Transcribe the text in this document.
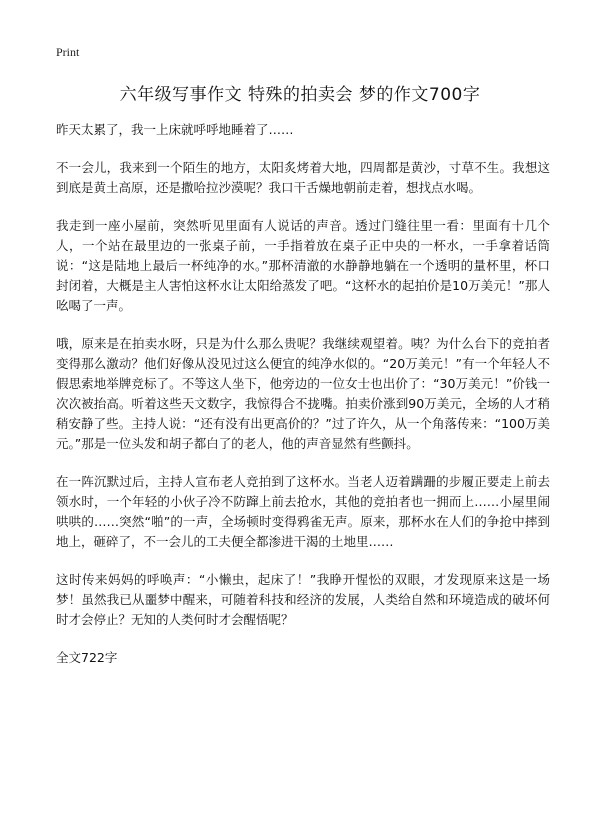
Print
六年级写事作文 特殊的拍卖会 梦的作文700字

昨天太累了，我一上床就呼呼地睡着了……

不一会儿，我来到一个陌生的地方，太阳炙烤着大地，四周都是黄沙，寸草不生。我想这到底是黄土高原，还是撒哈拉沙漠呢？我口干舌燥地朝前走着，想找点水喝。

我走到一座小屋前，突然听见里面有人说话的声音。透过门缝往里一看：里面有十几个人，一个站在最里边的一张桌子前，一手指着放在桌子正中央的一杯水，一手拿着话筒说：“这是陆地上最后一杯纯净的水。”那杯清澈的水静静地躺在一个透明的量杯里，杯口封闭着，大概是主人害怕这杯水让太阳给蒸发了吧。“这杯水的起拍价是10万美元！”那人吆喝了一声。

哦，原来是在拍卖水呀，只是为什么那么贵呢？我继续观望着。咦？为什么台下的竞拍者变得那么激动？他们好像从没见过这么便宜的纯净水似的。“20万美元！”有一个年轻人不假思索地举牌竞标了。不等这人坐下，他旁边的一位女士也出价了：“30万美元！”价钱一次次被抬高。听着这些天文数字，我惊得合不拢嘴。拍卖价涨到90万美元，全场的人才稍稍安静了些。主持人说：“还有没有出更高价的？”过了许久，从一个角落传来：“100万美元。”那是一位头发和胡子都白了的老人，他的声音显然有些颤抖。

在一阵沉默过后，主持人宣布老人竞拍到了这杯水。当老人迈着蹒跚的步履正要走上前去领水时，一个年轻的小伙子冷不防蹿上前去抢水，其他的竞拍者也一拥而上……小屋里闹哄哄的……突然“啪”的一声，全场顿时变得鸦雀无声。原来，那杯水在人们的争抢中摔到地上，砸碎了，不一会儿的工夫便全都渗进干渴的土地里……

这时传来妈妈的呼唤声：“小懒虫，起床了！”我睁开惺忪的双眼，才发现原来这是一场梦！虽然我已从噩梦中醒来，可随着科技和经济的发展，人类给自然和环境造成的破坏何时才会停止？无知的人类何时才会醒悟呢？

全文722字
